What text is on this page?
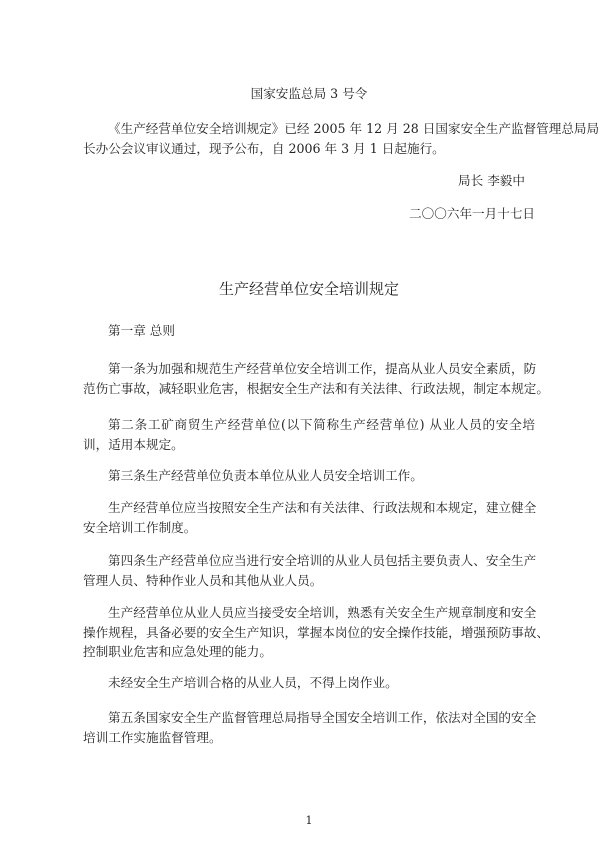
国家安监总局 3 号令
《生产经营单位安全培训规定》已经 2005 年 12 月 28 日国家安全生产监督管理总局局
长办公会议审议通过，现予公布，自 2006 年 3 月 1 日起施行。
局长 李毅中
二〇〇六年一月十七日
生产经营单位安全培训规定
第一章 总则
第一条为加强和规范生产经营单位安全培训工作，提高从业人员安全素质，防
范伤亡事故，减轻职业危害，根据安全生产法和有关法律、行政法规，制定本规定。
第二条工矿商贸生产经营单位(以下简称生产经营单位) 从业人员的安全培
训，适用本规定。
第三条生产经营单位负责本单位从业人员安全培训工作。
生产经营单位应当按照安全生产法和有关法律、行政法规和本规定，建立健全
安全培训工作制度。
第四条生产经营单位应当进行安全培训的从业人员包括主要负责人、安全生产
管理人员、特种作业人员和其他从业人员。
生产经营单位从业人员应当接受安全培训，熟悉有关安全生产规章制度和安全
操作规程，具备必要的安全生产知识，掌握本岗位的安全操作技能，增强预防事故、
控制职业危害和应急处理的能力。
未经安全生产培训合格的从业人员，不得上岗作业。
第五条国家安全生产监督管理总局指导全国安全培训工作，依法对全国的安全
培训工作实施监督管理。
1
